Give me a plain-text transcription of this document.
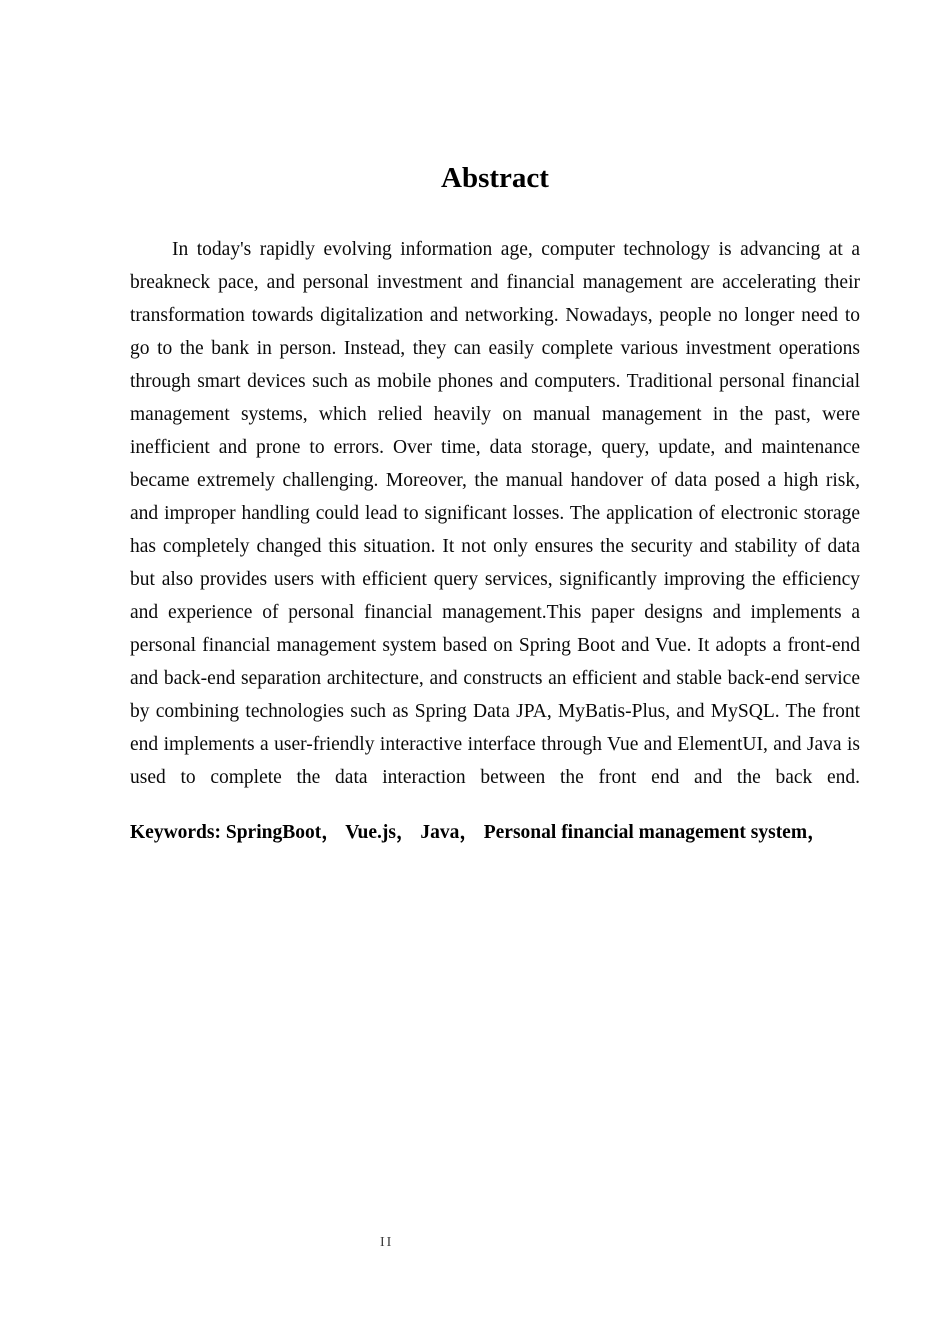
Abstract

In today's rapidly evolving information age, computer technology is advancing at a breakneck pace, and personal investment and financial management are accelerating their transformation towards digitalization and networking. Nowadays, people no longer need to go to the bank in person. Instead, they can easily complete various investment operations through smart devices such as mobile phones and computers. Traditional personal financial management systems, which relied heavily on manual management in the past, were inefficient and prone to errors. Over time, data storage, query, update, and maintenance became extremely challenging. Moreover, the manual handover of data posed a high risk, and improper handling could lead to significant losses. The application of electronic storage has completely changed this situation. It not only ensures the security and stability of data but also provides users with efficient query services, significantly improving the efficiency and experience of personal financial management.This paper designs and implements a personal financial management system based on Spring Boot and Vue. It adopts a front-end and back-end separation architecture, and constructs an efficient and stable back-end service by combining technologies such as Spring Data JPA, MyBatis-Plus, and MySQL. The front end implements a user-friendly interactive interface through Vue and ElementUI, and Java is used to complete the data interaction between the front end and the back end.

Keywords: SpringBoot， Vue.js， Java， Personal financial management system，

II
